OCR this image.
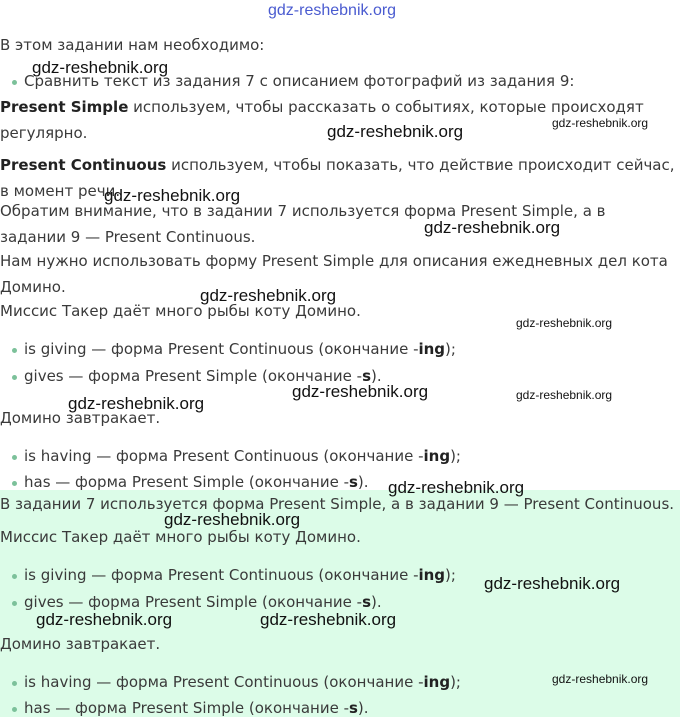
gdz-reshebnik.org
В этом задании нам необходимо:
Сравнить текст из задания 7 с описанием фотографий из задания 9:
Present Simple используем, чтобы рассказать о событиях, которые происходят регулярно.
Present Continuous используем, чтобы показать, что действие происходит сейчас, в момент речи.
Обратим внимание, что в задании 7 используется форма Present Simple, а в задании 9 — Present Continuous.
Нам нужно использовать форму Present Simple для описания ежедневных дел кота Домино.
Миссис Такер даёт много рыбы коту Домино.
is giving — форма Present Continuous (окончание -ing);
gives — форма Present Simple (окончание -s).
Домино завтракает.
is having — форма Present Continuous (окончание -ing);
has — форма Present Simple (окончание -s).
В задании 7 используется форма Present Simple, а в задании 9 — Present Continuous.
Миссис Такер даёт много рыбы коту Домино.
is giving — форма Present Continuous (окончание -ing);
gives — форма Present Simple (окончание -s).
Домино завтракает.
is having — форма Present Continuous (окончание -ing);
has — форма Present Simple (окончание -s).
gdz-reshebnik.org
gdz-reshebnik.org	gdz-reshebnik.org
gdz-reshebnik.org
gdz-reshebnik.org
gdz-reshebnik.org
gdz-reshebnik.org
gdz-reshebnik.org	gdz-reshebnik.org
gdz-reshebnik.org
gdz-reshebnik.org
gdz-reshebnik.org
gdz-reshebnik.org
gdz-reshebnik.org	gdz-reshebnik.org
gdz-reshebnik.org
